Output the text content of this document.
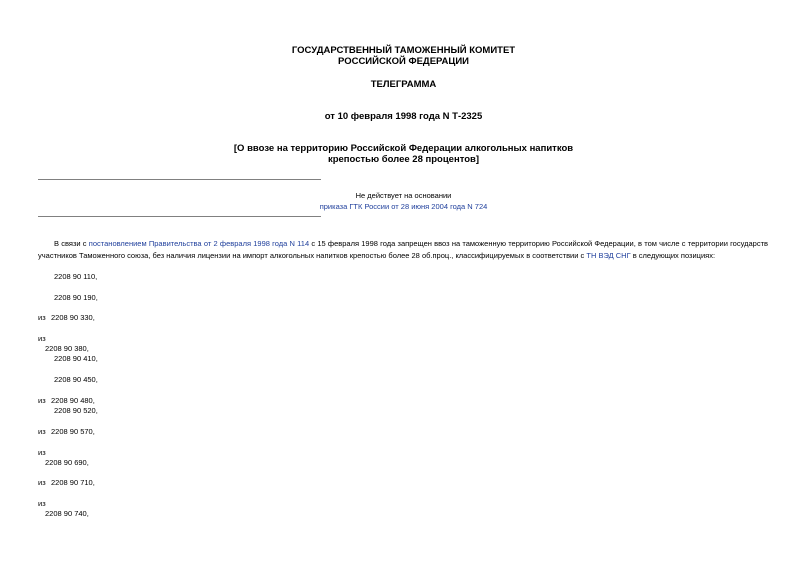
ГОСУДАРСТВЕННЫЙ ТАМОЖЕННЫЙ КОМИТЕТ
РОССИЙСКОЙ ФЕДЕРАЦИИ
ТЕЛЕГРАММА
от 10 февраля 1998 года N Т-2325
[О ввозе на территорию Российской Федерации алкогольных напитков
крепостью более 28 процентов]
Не действует на основании
приказа ГТК России от 28 июня 2004 года N 724
В связи с постановлением Правительства от 2 февраля 1998 года N 114 с 15 февраля 1998 года запрещен ввоз на таможенную территорию Российской Федерации, в том числе с территории государств участников Таможенного союза, без наличия лицензии на импорт алкогольных напитков крепостью более 28 об.проц., классифицируемых в соответствии с ТН ВЭД СНГ в следующих позициях:
2208 90 110,
2208 90 190,
из 2208 90 330,
из
2208 90 380,
2208 90 410,
2208 90 450,
из 2208 90 480,
2208 90 520,
из 2208 90 570,
из
2208 90 690,
из 2208 90 710,
из
2208 90 740,
